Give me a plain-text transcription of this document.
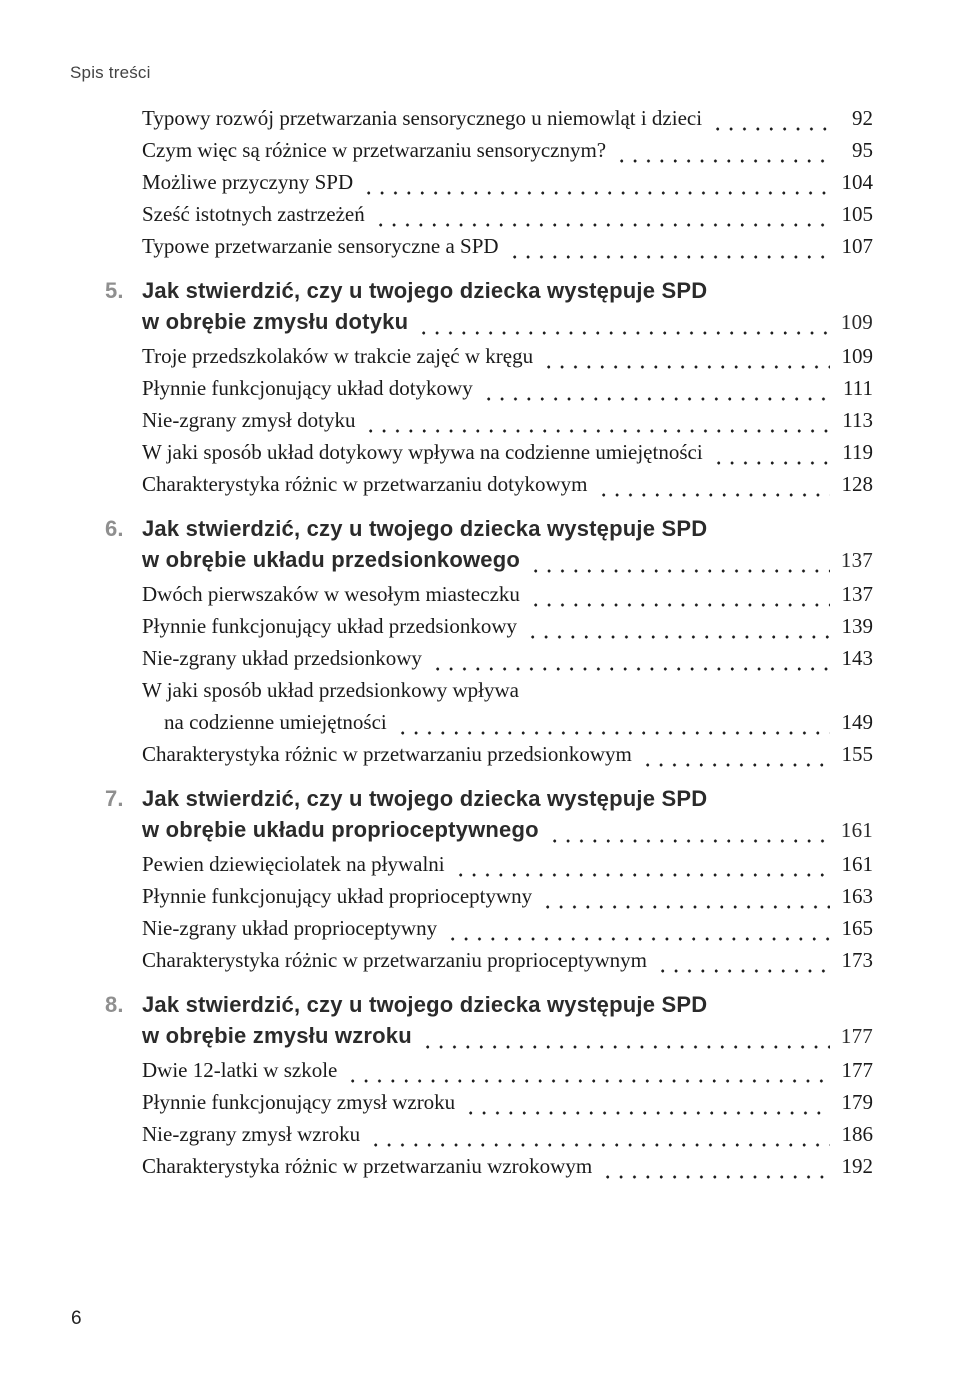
Spis treści
Typowy rozwój przetwarzania sensorycznego u niemowląt i dzieci	92
Czym więc są różnice w przetwarzaniu sensorycznym?	95
Możliwe przyczyny SPD	104
Sześć istotnych zastrzeżeń	105
Typowe przetwarzanie sensoryczne a SPD	107
5. Jak stwierdzić, czy u twojego dziecka występuje SPD
w obrębie zmysłu dotyku	109
Troje przedszkolaków w trakcie zajęć w kręgu	109
Płynnie funkcjonujący układ dotykowy	111
Nie-zgrany zmysł dotyku	113
W jaki sposób układ dotykowy wpływa na codzienne umiejętności	119
Charakterystyka różnic w przetwarzaniu dotykowym	128
6. Jak stwierdzić, czy u twojego dziecka występuje SPD
w obrębie układu przedsionkowego	137
Dwóch pierwszaków w wesołym miasteczku	137
Płynnie funkcjonujący układ przedsionkowy	139
Nie-zgrany układ przedsionkowy	143
W jaki sposób układ przedsionkowy wpływa
na codzienne umiejętności	149
Charakterystyka różnic w przetwarzaniu przedsionkowym	155
7. Jak stwierdzić, czy u twojego dziecka występuje SPD
w obrębie układu proprioceptywnego	161
Pewien dziewięciolatek na pływalni	161
Płynnie funkcjonujący układ proprioceptywny	163
Nie-zgrany układ proprioceptywny	165
Charakterystyka różnic w przetwarzaniu proprioceptywnym	173
8. Jak stwierdzić, czy u twojego dziecka występuje SPD
w obrębie zmysłu wzroku	177
Dwie 12-latki w szkole	177
Płynnie funkcjonujący zmysł wzroku	179
Nie-zgrany zmysł wzroku	186
Charakterystyka różnic w przetwarzaniu wzrokowym	192
6
